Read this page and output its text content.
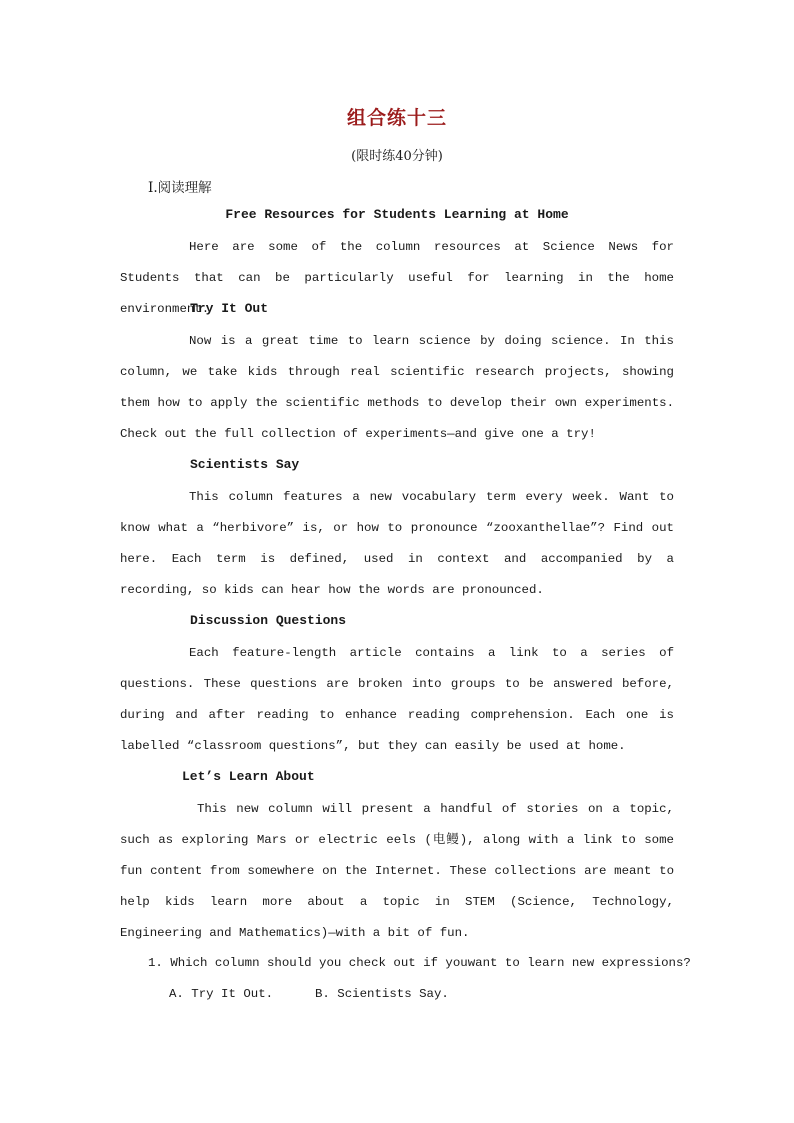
组合练十三
(限时练40分钟)
Ⅰ.阅读理解
Free Resources for Students Learning at Home

Here are some of the column resources at Science News for Students that can be particularly useful for learning in the home environment.

Try It Out

Now is a great time to learn science by doing science. In this column, we take kids through real scientific research projects, showing them how to apply the scientific methods to develop their own experiments. Check out the full collection of experiments—and give one a try!

Scientists Say

This column features a new vocabulary term every week. Want to know what a “herbivore” is, or how to pronounce “zooxanthellae”? Find out here. Each term is defined, used in context and accompanied by a recording, so kids can hear how the words are pronounced.

Discussion Questions

Each feature-length article contains a link to a series of questions. These questions are broken into groups to be answered before, during and after reading to enhance reading comprehension. Each one is labelled “classroom questions”, but they can easily be used at home.

Let’s Learn About

This new column will present a handful of stories on a topic, such as exploring Mars or electric eels (电鳗), along with a link to some fun content from somewhere on the Internet. These collections are meant to help kids learn more about a topic in STEM (Science, Technology, Engineering and Mathematics)—with a bit of fun.

1. Which column should you check out if you want to learn new expressions?
A. Try It Out.	B. Scientists Say.
